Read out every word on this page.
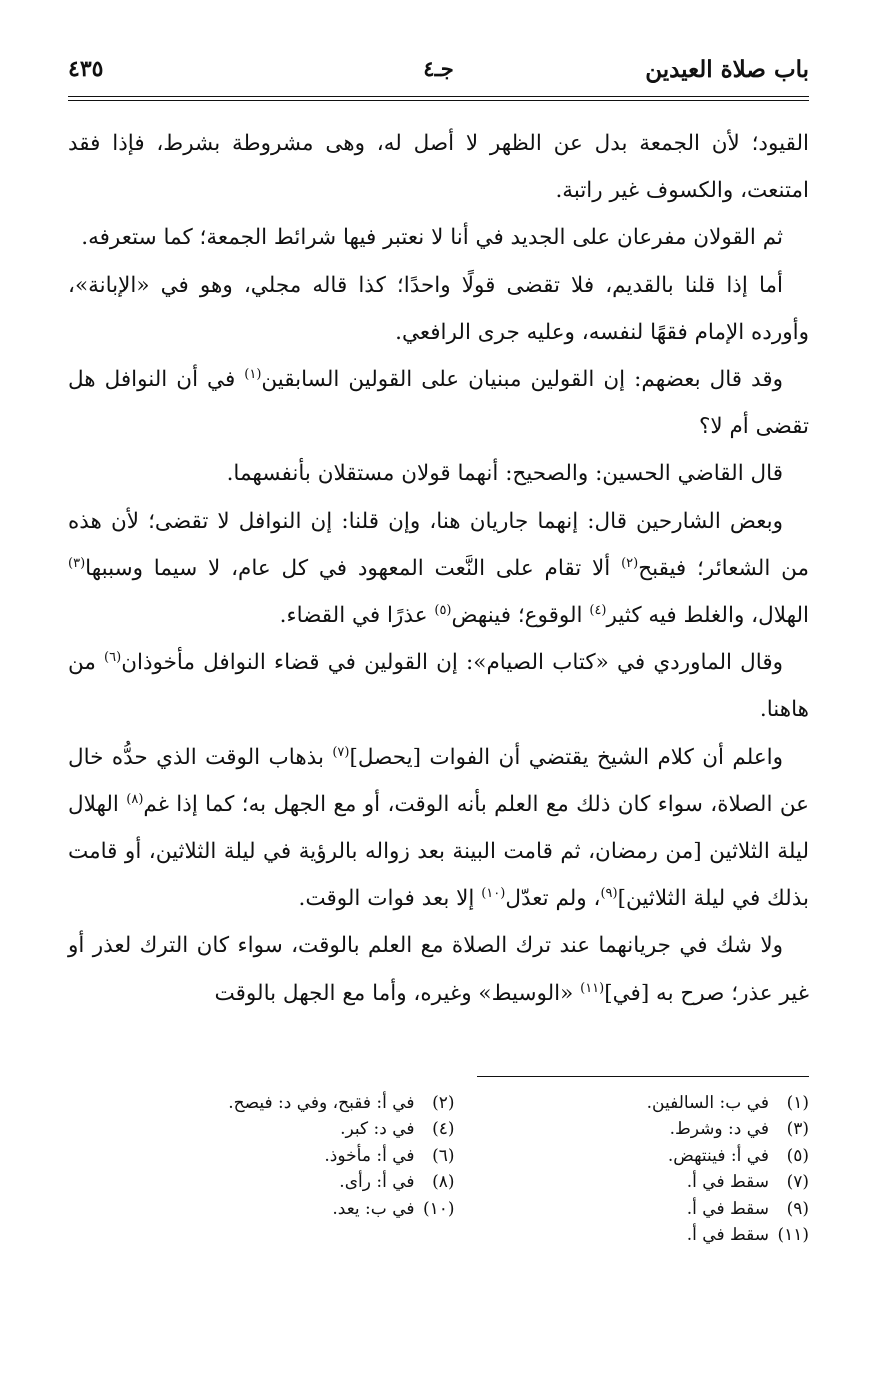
باب صلاة العيدين
جـ٤
٤٣٥

القيود؛ لأن الجمعة بدل عن الظهر لا أصل له، وهى مشروطة بشرط، فإذا فقد امتنعت، والكسوف غير راتبة.

ثم القولان مفرعان على الجديد في أنا لا نعتبر فيها شرائط الجمعة؛ كما ستعرفه.

أما إذا قلنا بالقديم، فلا تقضى قولًا واحدًا؛ كذا قاله مجلي، وهو في «الإبانة»، وأورده الإمام فقهًا لنفسه، وعليه جرى الرافعي.

وقد قال بعضهم: إن القولين مبنيان على القولين السابقين$^{(١)}$ في أن النوافل هل تقضى أم لا؟

قال القاضي الحسين: والصحيح: أنهما قولان مستقلان بأنفسهما.

وبعض الشارحين قال: إنهما جاريان هنا، وإن قلنا: إن النوافل لا تقضى؛ لأن هذه من الشعائر؛ فيقبح$^{(٢)}$ ألا تقام على النَّعت المعهود في كل عام، لا سيما وسببها$^{(٣)}$ الهلال، والغلط فيه كثير$^{(٤)}$ الوقوع؛ فينهض$^{(٥)}$ عذرًا في القضاء.

وقال الماوردي في «كتاب الصيام»: إن القولين في قضاء النوافل مأخوذان$^{(٦)}$ من هاهنا.

واعلم أن كلام الشيخ يقتضي أن الفوات [يحصل]$^{(٧)}$ بذهاب الوقت الذي حدُّه خال عن الصلاة، سواء كان ذلك مع العلم بأنه الوقت، أو مع الجهل به؛ كما إذا غم$^{(٨)}$ الهلال ليلة الثلاثين [من رمضان، ثم قامت البينة بعد زواله بالرؤية في ليلة الثلاثين، أو قامت بذلك في ليلة الثلاثين]$^{(٩)}$، ولم تعدّل$^{(١٠)}$ إلا بعد فوات الوقت.

ولا شك في جريانهما عند ترك الصلاة مع العلم بالوقت، سواء كان الترك لعذر أو غير عذر؛ صرح به [في]$^{(١١)}$ «الوسيط» وغيره، وأما مع الجهل بالوقت

(١)في ب: السالفين.
(٣)في د: وشرط.
(٥)في أ: فينتهض.
(٧)سقط في أ.
(٩)سقط في أ.
(١١)سقط في أ.
(٢)في أ: فقبح، وفي د: فيصح.
(٤)في د: كبر.
(٦)في أ: مأخوذ.
(٨)في أ: رأى.
(١٠)في ب: يعد.
